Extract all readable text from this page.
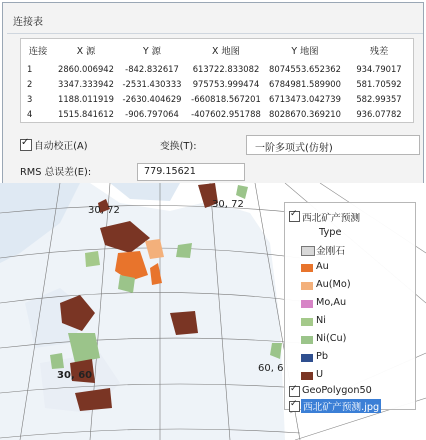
连接表
连接	X 源	Y 源	X 地图	Y 地图	残差
1	2860.006942	-842.832617	613722.833082	8074553.652362	934.79017
2	3347.333942	-2531.430333	975753.999474	6784981.589900	581.70592
3	1188.011919	-2630.404629	-660818.567201	6713473.042739	582.99357
4	1515.841612	-906.797064	-407602.951788	8028670.369210	936.07782
✓ 自动校正(A)	变换(T):	一阶多项式(仿射)
RMS 总误差(E):	779.15621
30, 72
30, 72
30, 60
60, 6
✓ 西北矿产预测
Type
金刚石
Au
Au(Mo)
Mo,Au
Ni
Ni(Cu)
Pb
U
✓ GeoPolygon50
✓ 西北矿产预测.jpg
